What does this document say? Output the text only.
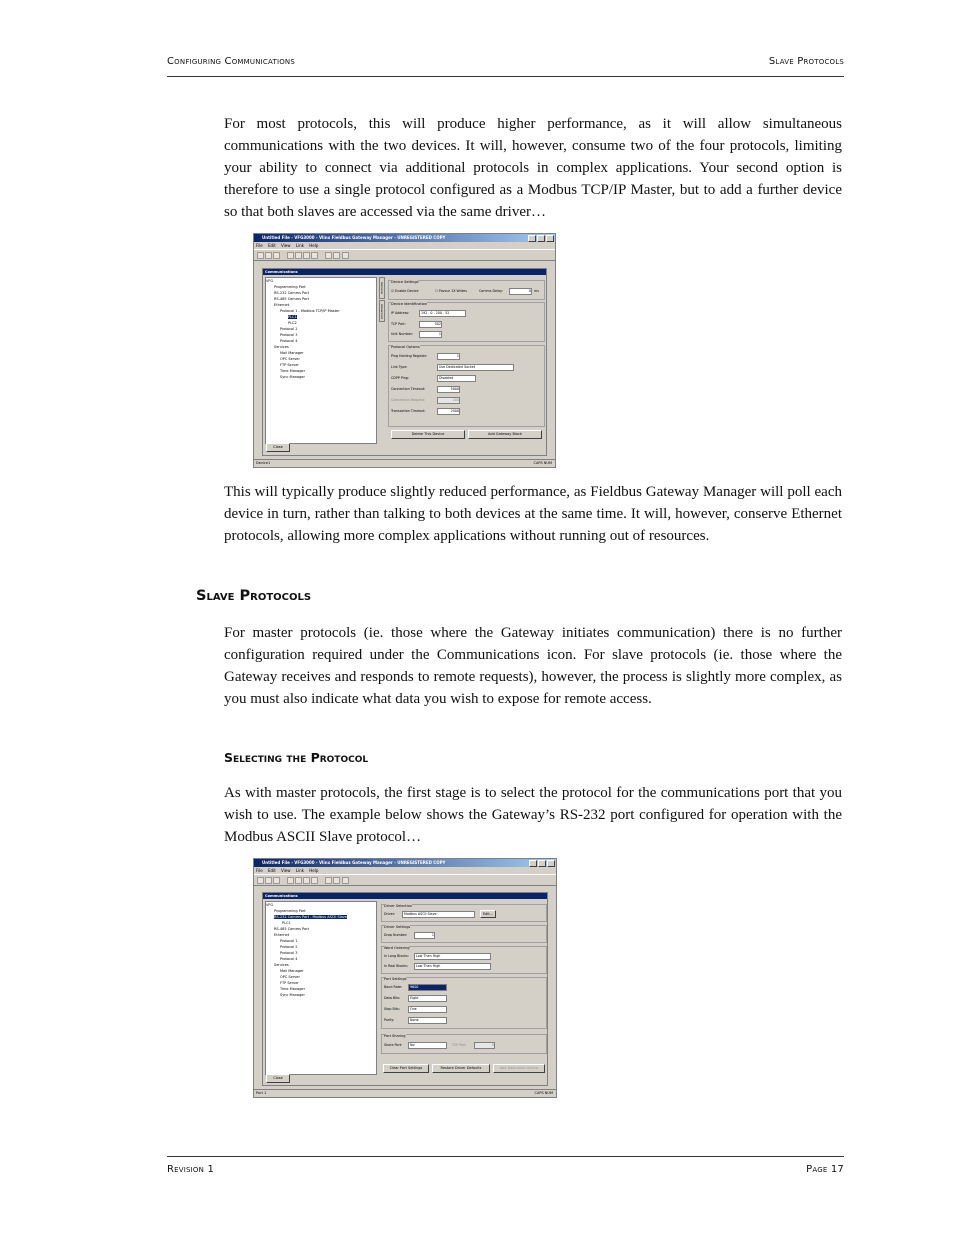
Configuring Communications	Slave Protocols

For most protocols, this will produce higher performance, as it will allow simultaneous communications with the two devices. It will, however, consume two of the four protocols, limiting your ability to connect via additional protocols in complex applications. Your second option is therefore to use a single protocol configured as a Modbus TCP/IP Master, but to add a further device so that both slaves are accessed via the same driver…

Untitled File - VFG3000 - Vlinx Fieldbus Gateway Manager - UNREGISTERED COPY
File Edit View Link Help
Communications
VFG
Programming Port
RS-232 Comms Port
RS-485 Comms Port
Ethernet
Protocol 1 - Modbus TCP/IP Master
PLC1
PLC2
Protocol 2
Protocol 3
Protocol 4
Services
Mail Manager
OPC Server
FTP Server
Time Manager
Sync Manager
Close
General
Advanced
Device Settings
☑ Enable Device	☐ Favour 1X Writes	Comms Delay:	0 ms
Device Identification
IP Address:	192 . 0 . 200 . 52
TCP Port:	502
Unit Number:	1
Protocol Options
Ping Holding Register:	1
Link Type:	Use Dedicated Socket
CDPP Ping:	Disabled
Connection Timeout:	5000
Connection Request:	200
Transaction Timeout:	2500
Delete This Device	Add Gateway Block
Device1	CAPS NUM

This will typically produce slightly reduced performance, as Fieldbus Gateway Manager will poll each device in turn, rather than talking to both devices at the same time. It will, however, conserve Ethernet protocols, allowing more complex applications without running out of resources.

Slave Protocols

For master protocols (ie. those where the Gateway initiates communication) there is no further configuration required under the Communications icon. For slave protocols (ie. those where the Gateway receives and responds to remote requests), however, the process is slightly more complex, as you must also indicate what data you wish to expose for remote access.

Selecting the Protocol

As with master protocols, the first stage is to select the protocol for the communications port that you wish to use. The example below shows the Gateway’s RS-232 port configured for operation with the Modbus ASCII Slave protocol…

Untitled File - VFG3000 - Vlinx Fieldbus Gateway Manager - UNREGISTERED COPY
File Edit View Link Help
Communications
VFG
Programming Port
RS-232 Comms Port - Modbus ASCII Slave
PLC1
RS-485 Comms Port
Ethernet
Protocol 1
Protocol 2
Protocol 3
Protocol 4
Services
Mail Manager
OPC Server
FTP Server
Time Manager
Sync Manager
Close
Driver Selection
Driver:	Modbus ASCII Slave	Edit...
Driver Settings
Drop Number:	1
Word Ordering
In Long Blocks:	Low Then High
In Real Blocks:	Low Then High
Port Settings
Baud Rate:	9600
Data Bits:	Eight
Stop Bits:	One
Parity:	None
Port Sharing
Share Port:	No	TCP Port:	0
Clear Port Settings	Restore Driver Defaults	Add Additional Device
Port 1	CAPS NUM
Revision 1	Page 17
